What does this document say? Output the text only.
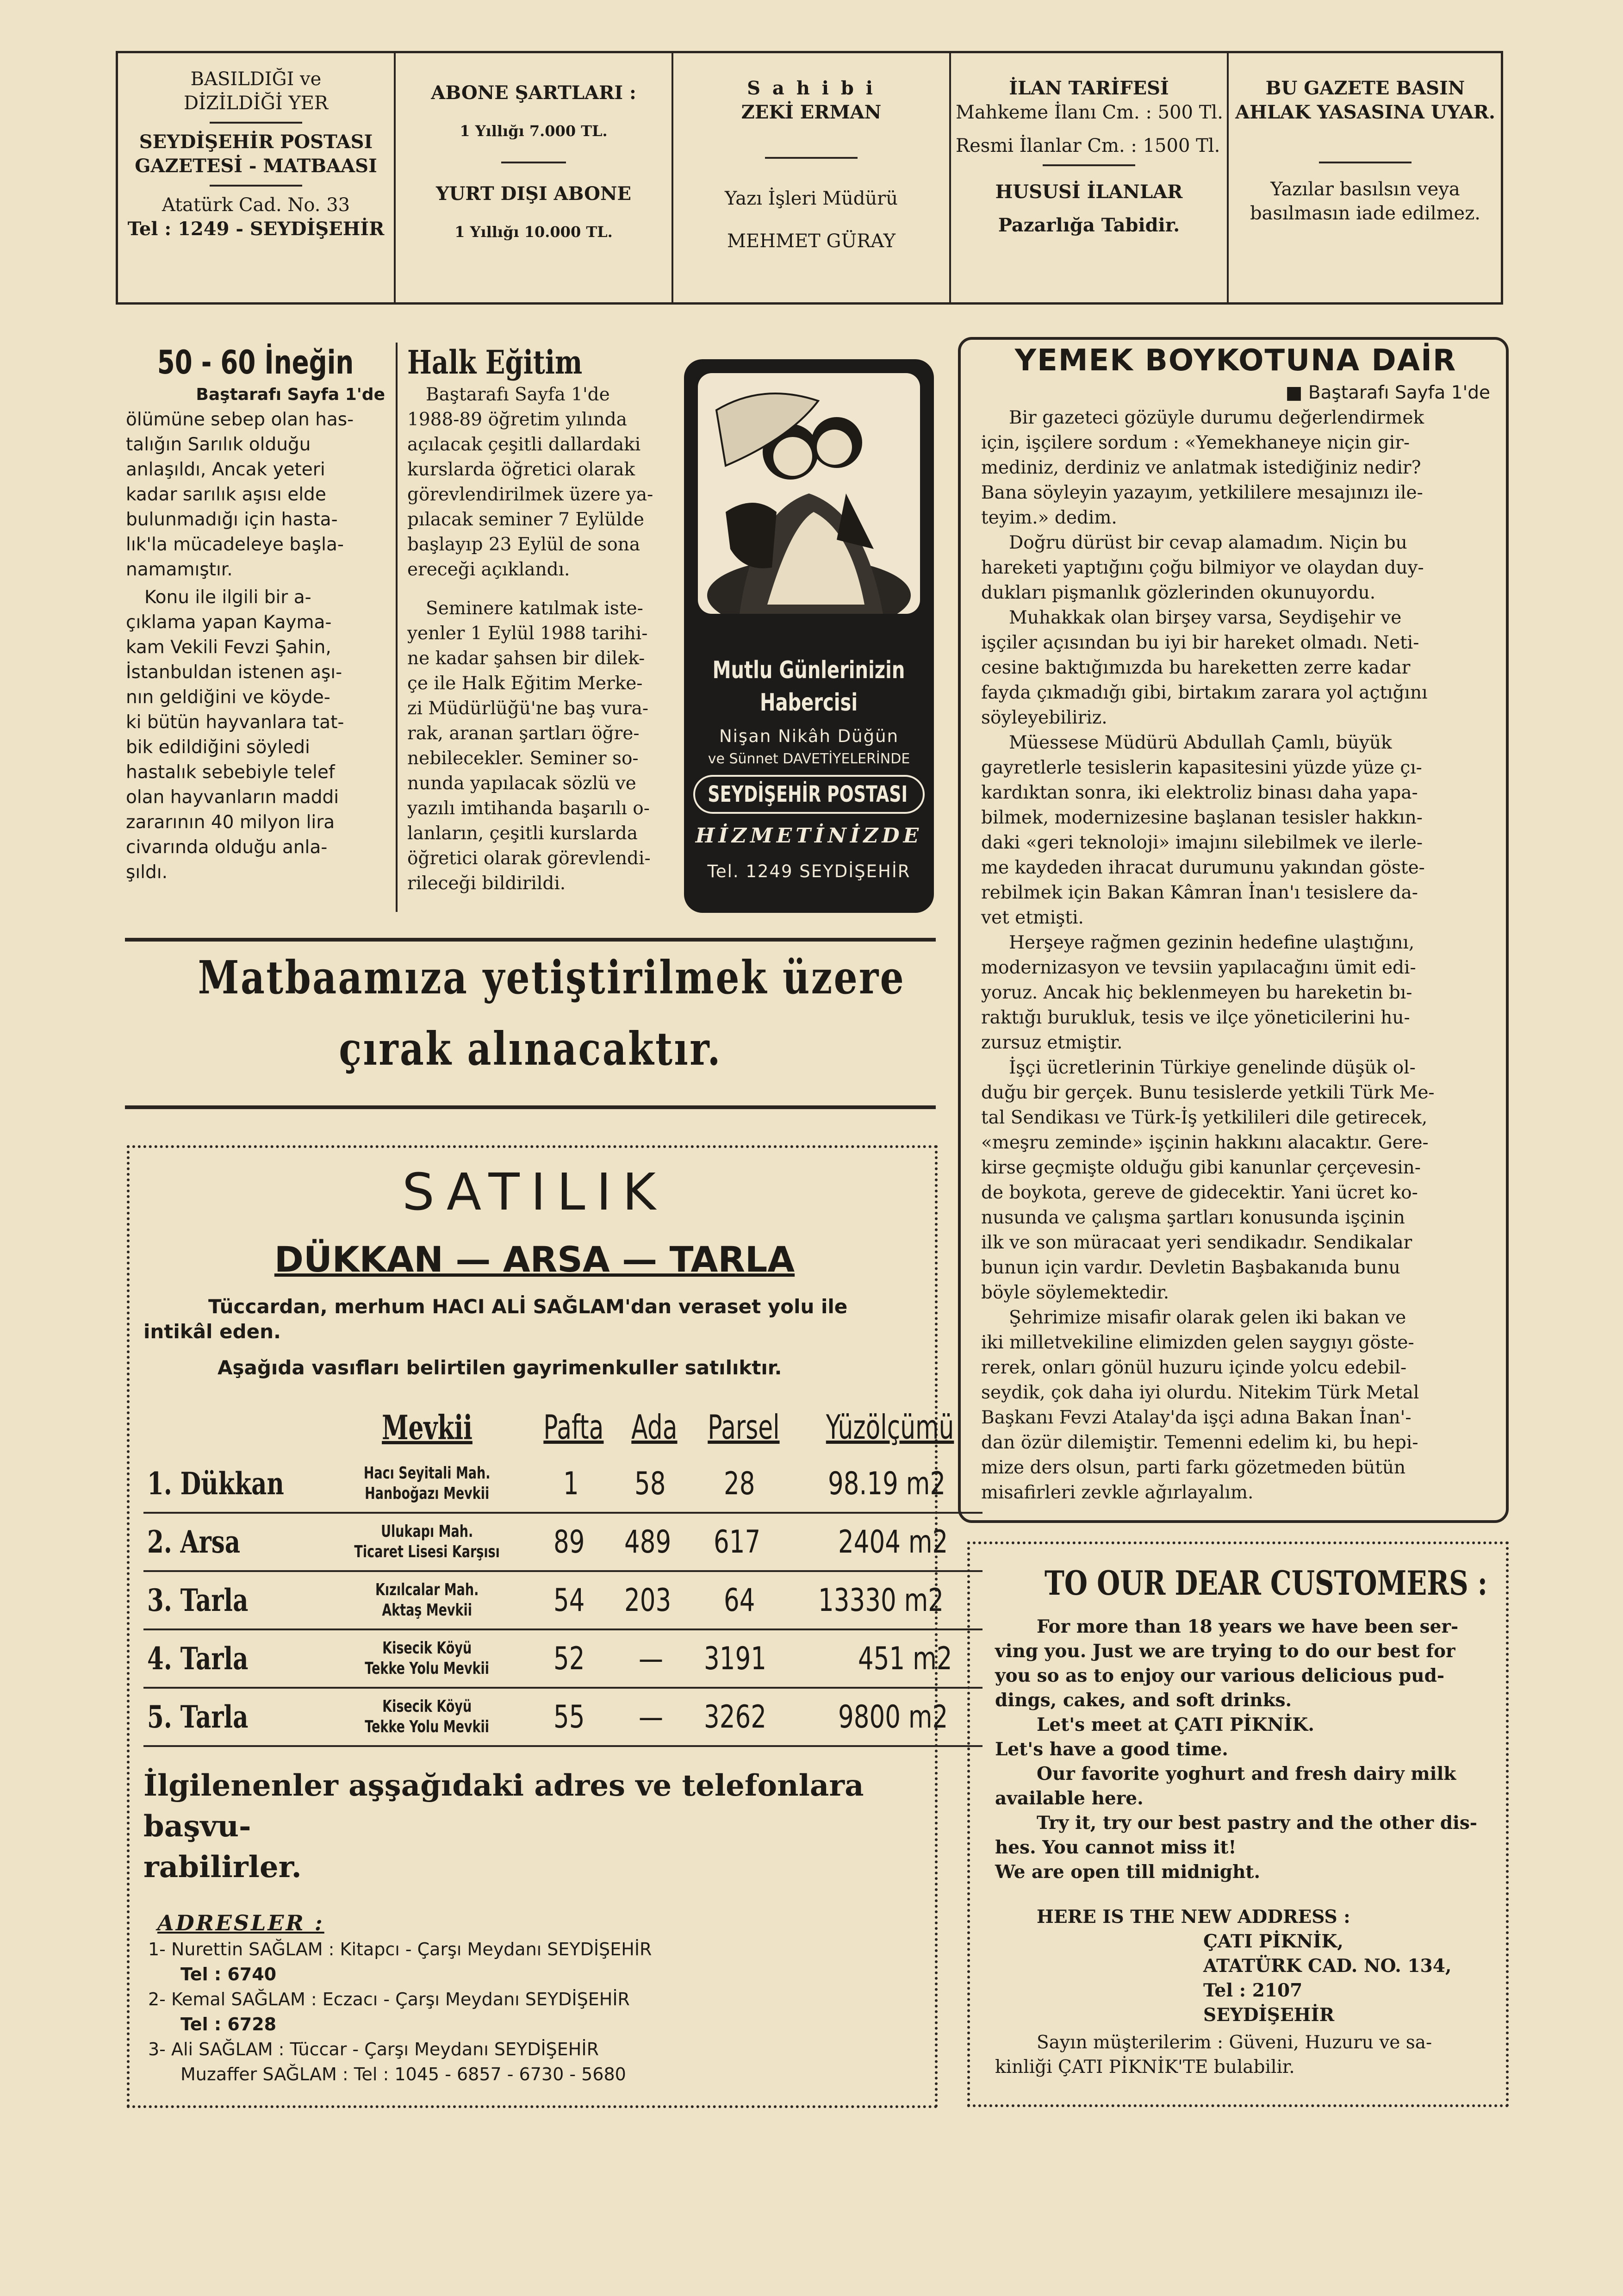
BASILDIĞI ve

DİZİLDİĞİ YER

SEYDİŞEHİR POSTASI

GAZETESİ - MATBAASI

Atatürk Cad. No. 33

Tel : 1249 - SEYDİŞEHİR

ABONE ŞARTLARI :

1 Yıllığı 7.000 TL.

YURT DIŞI ABONE

1 Yıllığı 10.000 TL.

S a h i b i

ZEKİ ERMAN

Yazı İşleri Müdürü

MEHMET GÜRAY

İLAN TARİFESİ

Mahkeme İlanı Cm. : 500 Tl.

Resmi İlanlar Cm. : 1500 Tl.

HUSUSİ İLANLAR

Pazarlığa Tabidir.

BU GAZETE BASIN

AHLAK YASASINA UYAR.

Yazılar basılsın veya

basılmasın iade edilmez.

50 - 60 İneğin

Baştarafı Sayfa 1'de

ölümüne sebep olan has-

talığın Sarılık olduğu

anlaşıldı, Ancak yeteri

kadar sarılık aşısı elde

bulunmadığı için hasta-

lık'la mücadeleye başla-

namamıştır.

Konu ile ilgili bir a-

çıklama yapan Kayma-

kam Vekili Fevzi Şahin,

İstanbuldan istenen aşı-

nın geldiğini ve köyde-

ki bütün hayvanlara tat-

bik edildiğini söyledi

hastalık sebebiyle telef

olan hayvanların maddi

zararının 40 milyon lira

civarında olduğu anla-

şıldı.

Halk Eğitim

Baştarafı Sayfa 1'de

1988-89 öğretim yılında

açılacak çeşitli dallardaki

kurslarda öğretici olarak

görevlendirilmek üzere ya-

pılacak seminer 7 Eylülde

başlayıp 23 Eylül de sona

ereceği açıklandı.

Seminere katılmak iste-

yenler 1 Eylül 1988 tarihi-

ne kadar şahsen bir dilek-

çe ile Halk Eğitim Merke-

zi Müdürlüğü'ne baş vura-

rak, aranan şartları öğre-

nebilecekler. Seminer so-

nunda yapılacak sözlü ve

yazılı imtihanda başarılı o-

lanların, çeşitli kurslarda

öğretici olarak görevlendi-

rileceği bildirildi.

Mutlu Günlerinizin
Habercisi
Nişan Nikâh Düğün
ve Sünnet DAVETİYELERİNDE
SEYDİŞEHİR POSTASI
HİZMETİNİZDE
Tel. 1249 SEYDİŞEHİR
Matbaamıza yetiştirilmek üzere
çırak alınacaktır.
SATILIK
DÜKKAN — ARSA — TARLA

Tüccardan, merhum HACI ALİ SAĞLAM'dan veraset yolu ile

intikâl eden.

Aşağıda vasıfları belirtilen gayrimenkuller satılıktır.

	Mevkii	Pafta	Ada	Parsel	Yüzölçümü
1. Dükkan	Hacı Seyitali Mah.
Hanboğazı Mevkii	1	58	28	98.19 m2
2. Arsa	Ulukapı Mah.
Ticaret Lisesi Karşısı	89	489	617	2404 m2
3. Tarla	Kızılcalar Mah.
Aktaş Mevkii	54	203	64	13330 m2
4. Tarla	Kisecik Köyü
Tekke Yolu Mevkii	52	—	3191	451 m2
5. Tarla	Kisecik Köyü
Tekke Yolu Mevkii	55	—	3262	9800 m2

İlgilenenler aşşağıdaki adres ve telefonlara başvu-

rabilirler.

ADRESLER :

1- Nurettin SAĞLAM : Kitapcı - Çarşı Meydanı SEYDİŞEHİR

Tel : 6740

2- Kemal SAĞLAM : Eczacı - Çarşı Meydanı SEYDİŞEHİR

Tel : 6728

3- Ali SAĞLAM : Tüccar - Çarşı Meydanı SEYDİŞEHİR

Muzaffer SAĞLAM : Tel : 1045 - 6857 - 6730 - 5680

YEMEK BOYKOTUNA DAİR

■ Baştarafı Sayfa 1'de

Bir gazeteci gözüyle durumu değerlendirmek

için, işçilere sordum : «Yemekhaneye niçin gir-

mediniz, derdiniz ve anlatmak istediğiniz nedir?

Bana söyleyin yazayım, yetkililere mesajınızı ile-

teyim.» dedim.

Doğru dürüst bir cevap alamadım. Niçin bu

hareketi yaptığını çoğu bilmiyor ve olaydan duy-

dukları pişmanlık gözlerinden okunuyordu.

Muhakkak olan birşey varsa, Seydişehir ve

işçiler açısından bu iyi bir hareket olmadı. Neti-

cesine baktığımızda bu hareketten zerre kadar

fayda çıkmadığı gibi, birtakım zarara yol açtığını

söyleyebiliriz.

Müessese Müdürü Abdullah Çamlı, büyük

gayretlerle tesislerin kapasitesini yüzde yüze çı-

kardıktan sonra, iki elektroliz binası daha yapa-

bilmek, modernizesine başlanan tesisler hakkın-

daki «geri teknoloji» imajını silebilmek ve ilerle-

me kaydeden ihracat durumunu yakından göste-

rebilmek için Bakan Kâmran İnan'ı tesislere da-

vet etmişti.

Herşeye rağmen gezinin hedefine ulaştığını,

modernizasyon ve tevsiin yapılacağını ümit edi-

yoruz. Ancak hiç beklenmeyen bu hareketin bı-

raktığı burukluk, tesis ve ilçe yöneticilerini hu-

zursuz etmiştir.

İşçi ücretlerinin Türkiye genelinde düşük ol-

duğu bir gerçek. Bunu tesislerde yetkili Türk Me-

tal Sendikası ve Türk-İş yetkilileri dile getirecek,

«meşru zeminde» işçinin hakkını alacaktır. Gere-

kirse geçmişte olduğu gibi kanunlar çerçevesin-

de boykota, gereve de gidecektir. Yani ücret ko-

nusunda ve çalışma şartları konusunda işçinin

ilk ve son müracaat yeri sendikadır. Sendikalar

bunun için vardır. Devletin Başbakanıda bunu

böyle söylemektedir.

Şehrimize misafir olarak gelen iki bakan ve

iki milletvekiline elimizden gelen saygıyı göste-

rerek, onları gönül huzuru içinde yolcu edebil-

seydik, çok daha iyi olurdu. Nitekim Türk Metal

Başkanı Fevzi Atalay'da işçi adına Bakan İnan'-

dan özür dilemiştir. Temenni edelim ki, bu hepi-

mize ders olsun, parti farkı gözetmeden bütün

misafirleri zevkle ağırlayalım.

TO OUR DEAR CUSTOMERS :

For more than 18 years we have been ser-

ving you. Just we are trying to do our best for

you so as to enjoy our various delicious pud-

dings, cakes, and soft drinks.

Let's meet at ÇATI PİKNİK.

Let's have a good time.

Our favorite yoghurt and fresh dairy milk

available here.

Try it, try our best pastry and the other dis-

hes. You cannot miss it!

We are open till midnight.

HERE IS THE NEW ADDRESS :

ÇATI PİKNİK,

ATATÜRK CAD. NO. 134,

Tel : 2107

SEYDİŞEHİR

Sayın müşterilerim : Güveni, Huzuru ve sa-

kinliği ÇATI PİKNİK'TE bulabilir.
